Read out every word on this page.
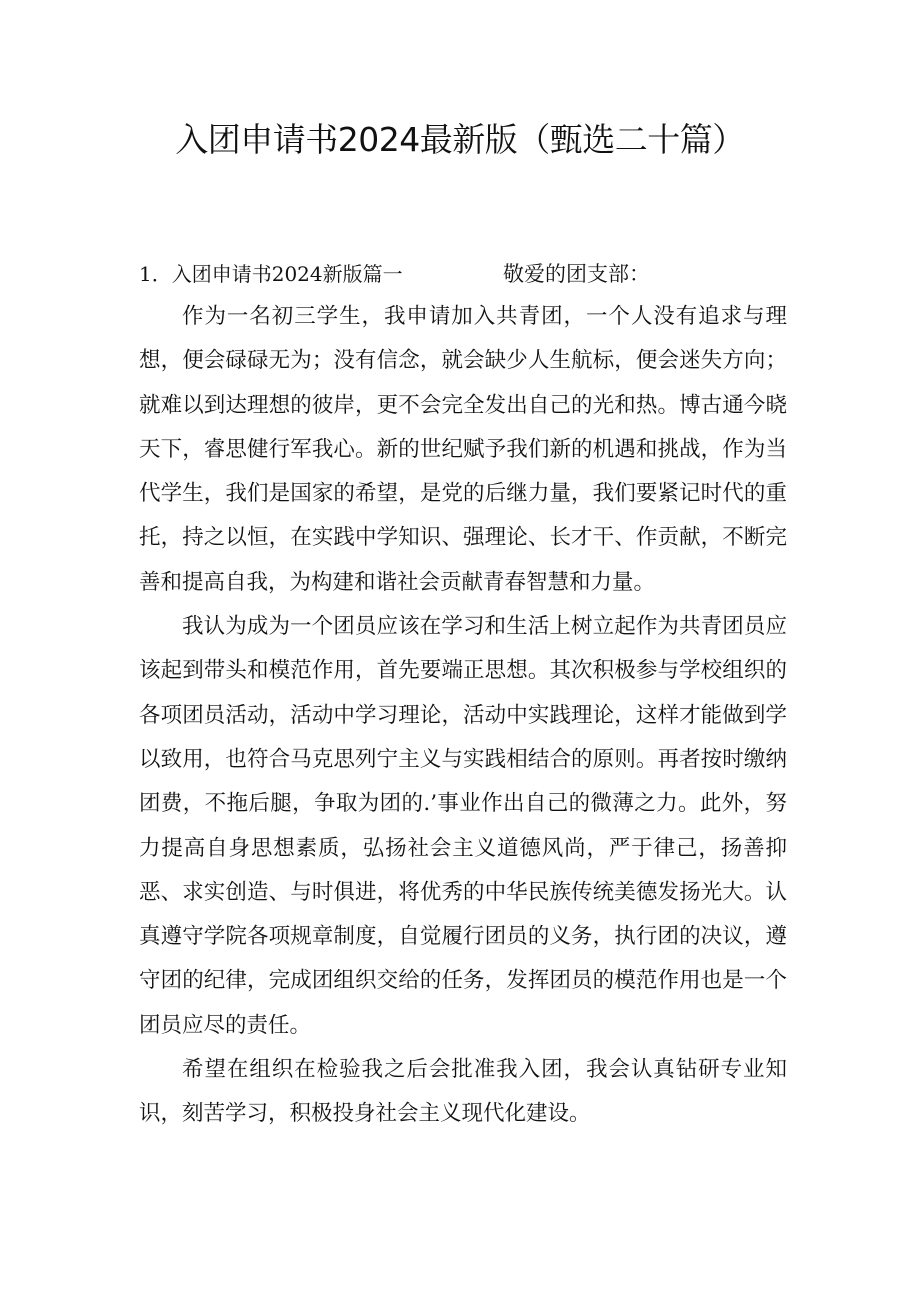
入团申请书2024最新版（甄选二十篇）
1．入团申请书2024新版篇一	敬爱的团支部：

作为一名初三学生，我申请加入共青团，一个人没有追求与理想，便会碌碌无为；没有信念，就会缺少人生航标，便会迷失方向；就难以到达理想的彼岸，更不会完全发出自己的光和热。博古通今晓天下，睿思健行军我心。新的世纪赋予我们新的机遇和挑战，作为当代学生，我们是国家的希望，是党的后继力量，我们要紧记时代的重托，持之以恒，在实践中学知识、强理论、长才干、作贡献，不断完善和提高自我，为构建和谐社会贡献青春智慧和力量。

我认为成为一个团员应该在学习和生活上树立起作为共青团员应该起到带头和模范作用，首先要端正思想。其次积极参与学校组织的各项团员活动，活动中学习理论，活动中实践理论，这样才能做到学以致用，也符合马克思列宁主义与实践相结合的原则。再者按时缴纳团费，不拖后腿，争取为团的.’事业作出自己的微薄之力。此外，努力提高自身思想素质，弘扬社会主义道德风尚，严于律己，扬善抑恶、求实创造、与时俱进，将优秀的中华民族传统美德发扬光大。认真遵守学院各项规章制度，自觉履行团员的义务，执行团的决议，遵守团的纪律，完成团组织交给的任务，发挥团员的模范作用也是一个团员应尽的责任。

希望在组织在检验我之后会批准我入团，我会认真钻研专业知识，刻苦学习，积极投身社会主义现代化建设。
